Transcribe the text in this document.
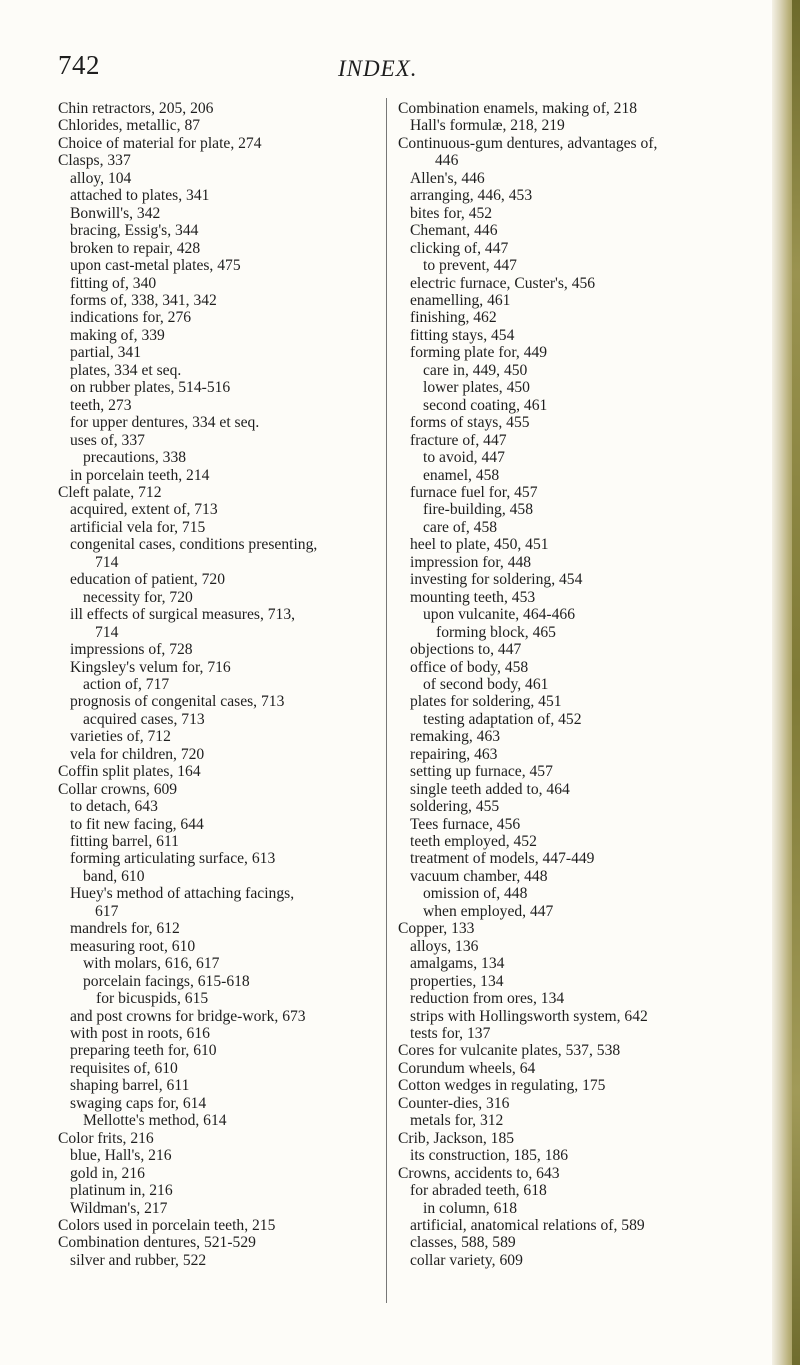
742	INDEX.
Chin retractors, 205, 206
Chlorides, metallic, 87
Choice of material for plate, 274
Clasps, 337
alloy, 104
attached to plates, 341
Bonwill's, 342
bracing, Essig's, 344
broken to repair, 428
upon cast-metal plates, 475
fitting of, 340
forms of, 338, 341, 342
indications for, 276
making of, 339
partial, 341
plates, 334 et seq.
on rubber plates, 514-516
teeth, 273
for upper dentures, 334 et seq.
uses of, 337
precautions, 338
in porcelain teeth, 214
Cleft palate, 712
acquired, extent of, 713
artificial vela for, 715
congenital cases, conditions presenting,
714
education of patient, 720
necessity for, 720
ill effects of surgical measures, 713,
714
impressions of, 728
Kingsley's velum for, 716
action of, 717
prognosis of congenital cases, 713
acquired cases, 713
varieties of, 712
vela for children, 720
Coffin split plates, 164
Collar crowns, 609
to detach, 643
to fit new facing, 644
fitting barrel, 611
forming articulating surface, 613
band, 610
Huey's method of attaching facings,
617
mandrels for, 612
measuring root, 610
with molars, 616, 617
porcelain facings, 615-618
for bicuspids, 615
and post crowns for bridge-work, 673
with post in roots, 616
preparing teeth for, 610
requisites of, 610
shaping barrel, 611
swaging caps for, 614
Mellotte's method, 614
Color frits, 216
blue, Hall's, 216
gold in, 216
platinum in, 216
Wildman's, 217
Colors used in porcelain teeth, 215
Combination dentures, 521-529
silver and rubber, 522
Combination enamels, making of, 218
Hall's formulæ, 218, 219
Continuous-gum dentures, advantages of,
446
Allen's, 446
arranging, 446, 453
bites for, 452
Chemant, 446
clicking of, 447
to prevent, 447
electric furnace, Custer's, 456
enamelling, 461
finishing, 462
fitting stays, 454
forming plate for, 449
care in, 449, 450
lower plates, 450
second coating, 461
forms of stays, 455
fracture of, 447
to avoid, 447
enamel, 458
furnace fuel for, 457
fire-building, 458
care of, 458
heel to plate, 450, 451
impression for, 448
investing for soldering, 454
mounting teeth, 453
upon vulcanite, 464-466
forming block, 465
objections to, 447
office of body, 458
of second body, 461
plates for soldering, 451
testing adaptation of, 452
remaking, 463
repairing, 463
setting up furnace, 457
single teeth added to, 464
soldering, 455
Tees furnace, 456
teeth employed, 452
treatment of models, 447-449
vacuum chamber, 448
omission of, 448
when employed, 447
Copper, 133
alloys, 136
amalgams, 134
properties, 134
reduction from ores, 134
strips with Hollingsworth system, 642
tests for, 137
Cores for vulcanite plates, 537, 538
Corundum wheels, 64
Cotton wedges in regulating, 175
Counter-dies, 316
metals for, 312
Crib, Jackson, 185
its construction, 185, 186
Crowns, accidents to, 643
for abraded teeth, 618
in column, 618
artificial, anatomical relations of, 589
classes, 588, 589
collar variety, 609
